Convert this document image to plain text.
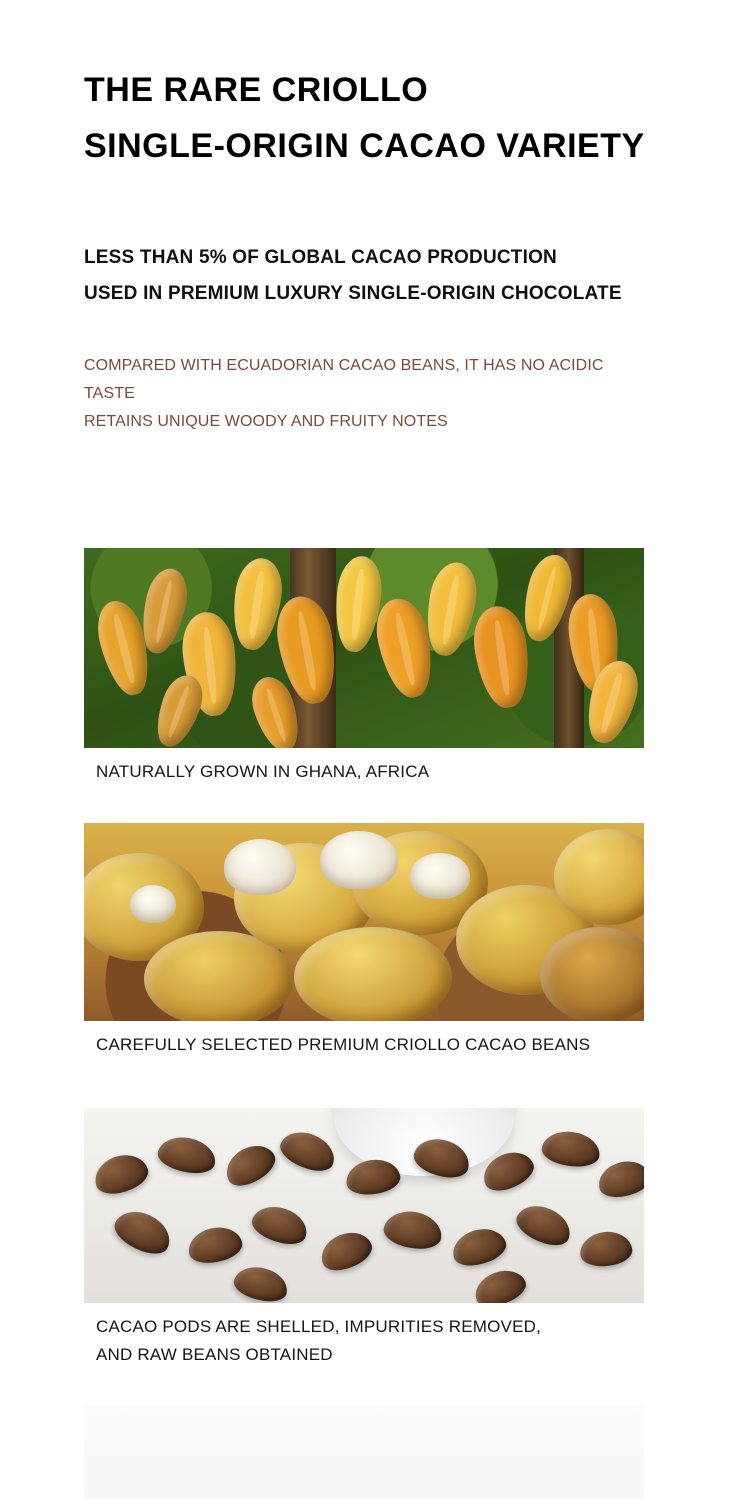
THE RARE CRIOLLO
SINGLE-ORIGIN CACAO VARIETY
LESS THAN 5% OF GLOBAL CACAO PRODUCTION
USED IN PREMIUM LUXURY SINGLE-ORIGIN CHOCOLATE
COMPARED WITH ECUADORIAN CACAO BEANS, IT HAS NO ACIDIC
TASTE
RETAINS UNIQUE WOODY AND FRUITY NOTES
NATURALLY GROWN IN GHANA, AFRICA
CAREFULLY SELECTED PREMIUM CRIOLLO CACAO BEANS
CACAO PODS ARE SHELLED, IMPURITIES REMOVED,
AND RAW BEANS OBTAINED
